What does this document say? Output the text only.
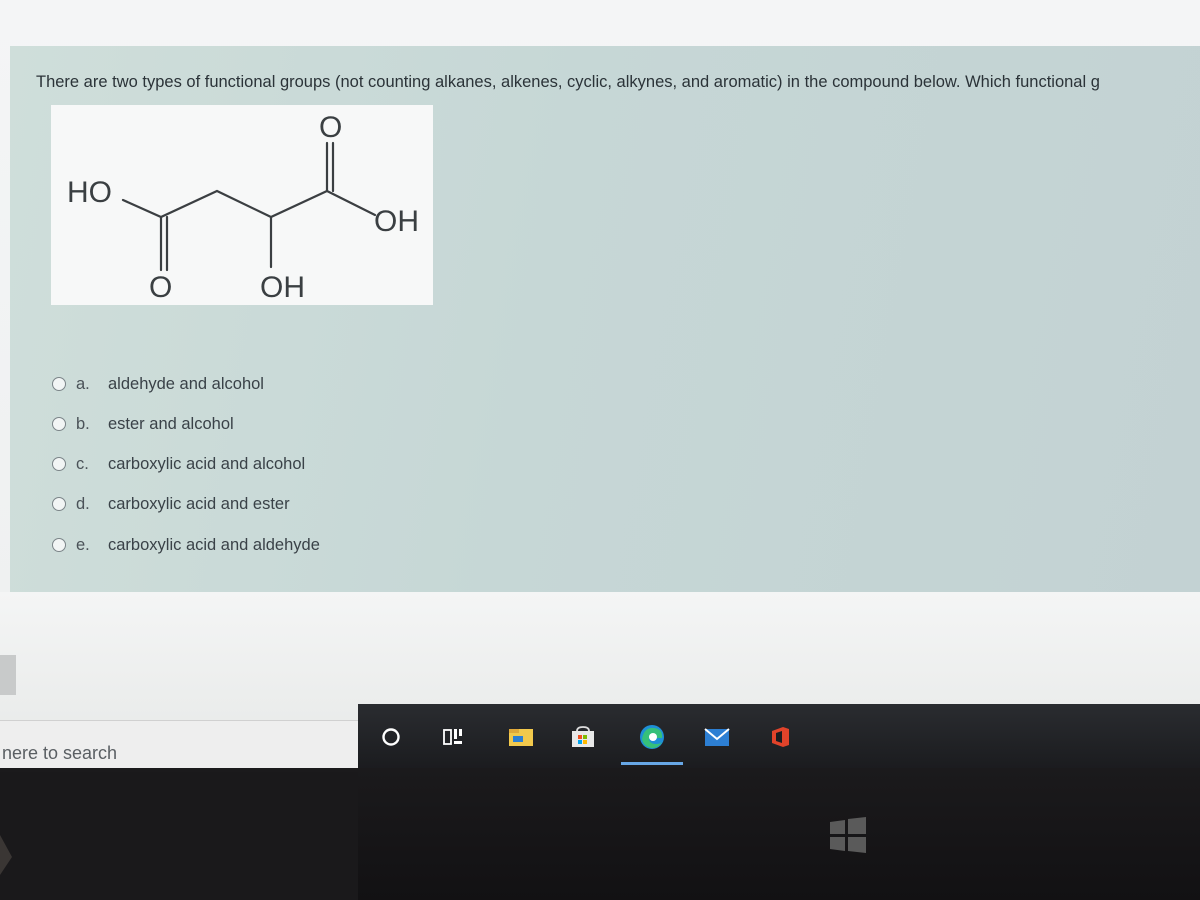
There are two types of functional groups (not counting alkanes, alkenes, cyclic, alkynes, and aromatic) in the compound below. Which functional g
HO
O
OH
O	OH
a.	aldehyde and alcohol
b.	ester and alcohol
c.	carboxylic acid and alcohol
d.	carboxylic acid and ester
e.	carboxylic acid and aldehyde
nere to search
